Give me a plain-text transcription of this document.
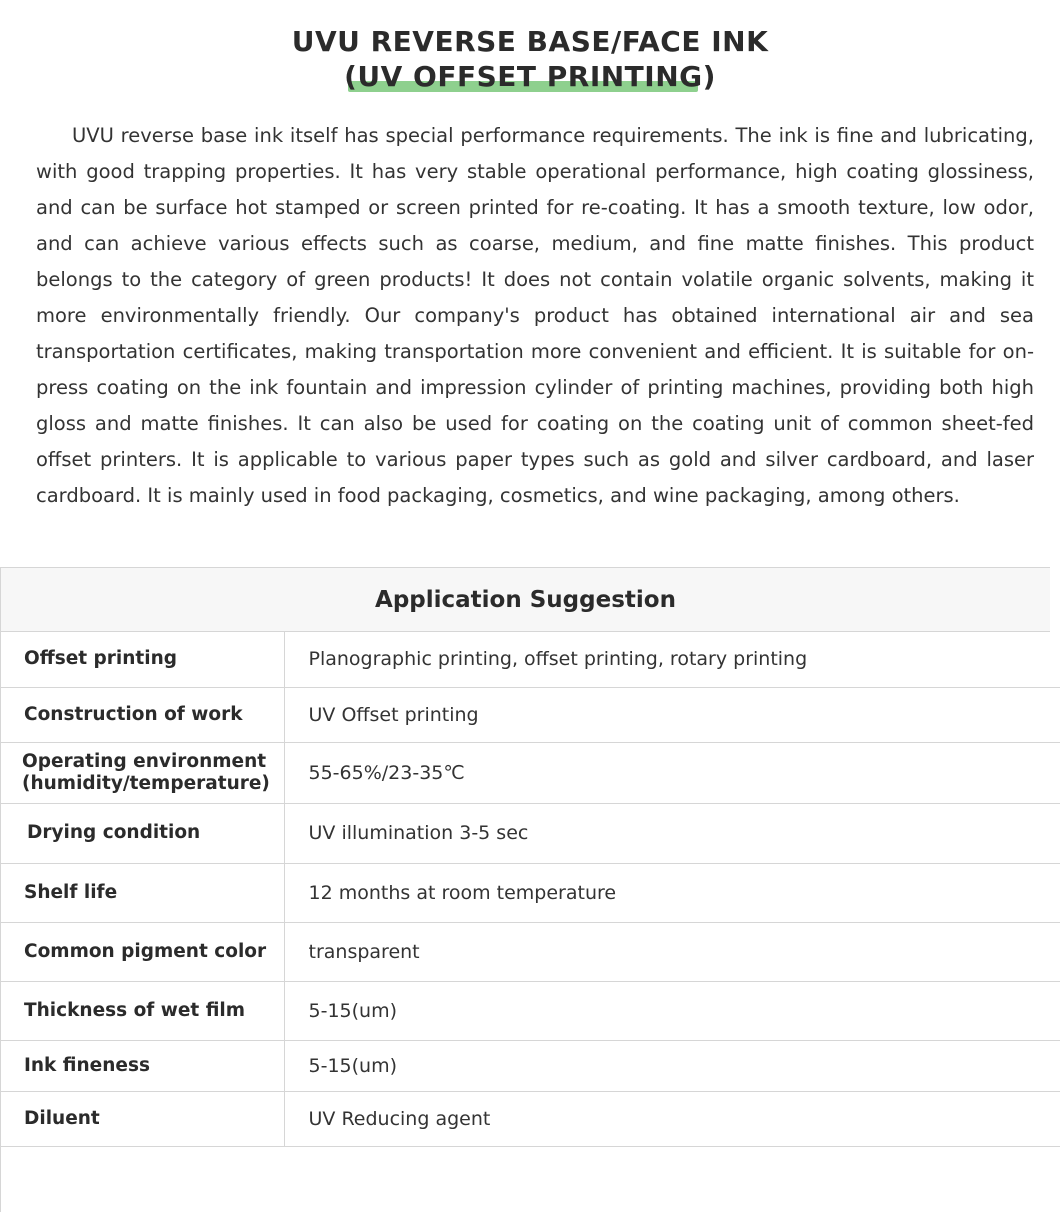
UVU REVERSE BASE/FACE INK
(UV OFFSET PRINTING)

UVU reverse base ink itself has special performance requirements. The ink is fine and lubricating, with good trapping properties. It has very stable operational performance, high coating glossiness, and can be surface hot stamped or screen printed for re-coating. It has a smooth texture, low odor, and can achieve various effects such as coarse, medium, and fine matte finishes. This product belongs to the category of green products! It does not contain volatile organic solvents, making it more environmentally friendly. Our company's product has obtained international air and sea transportation certificates, making transportation more convenient and efficient. It is suitable for on-press coating on the ink fountain and impression cylinder of printing machines, providing both high gloss and matte finishes. It can also be used for coating on the coating unit of common sheet-fed offset printers. It is applicable to various paper types such as gold and silver cardboard, and laser cardboard. It is mainly used in food packaging, cosmetics, and wine packaging, among others.

Application Suggestion
Offset printing	Planographic printing, offset printing, rotary printing
Construction of work	UV Offset printing
Operating environment (humidity/temperature)	55-65%/23-35℃
Drying condition	UV illumination 3-5 sec
Shelf life	12 months at room temperature
Common pigment color	transparent
Thickness of wet film	5-15(um)
Ink fineness	5-15(um)
Diluent	UV Reducing agent
